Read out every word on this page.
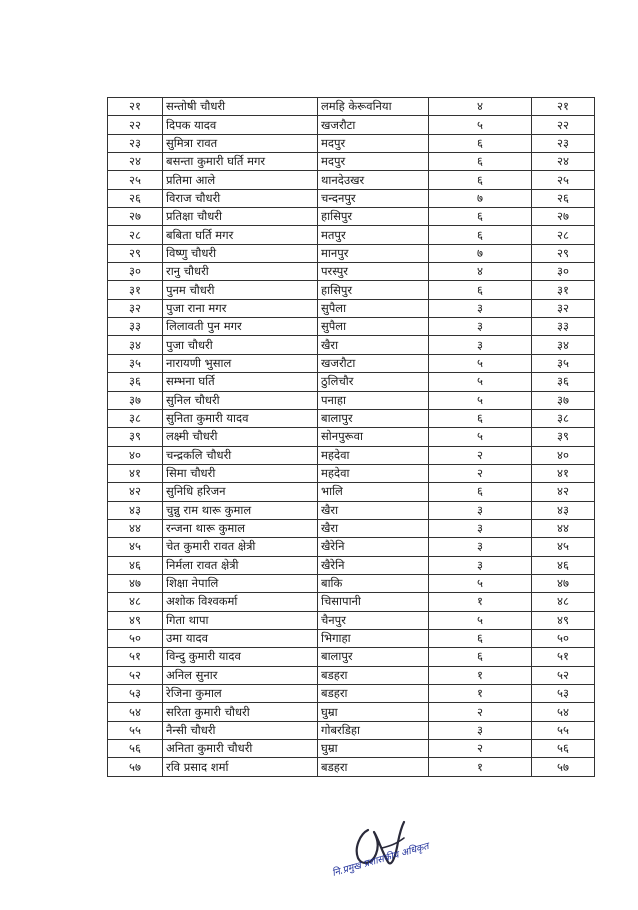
२१	सन्तोषी चौधरी	लमहि केरूवनिया	४	२१
२२	दिपक यादव	खजरौटा	५	२२
२३	सुमित्रा रावत	मदपुर	६	२३
२४	बसन्ता कुमारी घर्ति मगर	मदपुर	६	२४
२५	प्रतिमा आले	थानदेउखर	६	२५
२६	विराज चौधरी	चन्दनपुर	७	२६
२७	प्रतिक्षा चौधरी	हासिपुर	६	२७
२८	बबिता घर्ति मगर	मतपुर	६	२८
२९	विष्णु चौधरी	मानपुर	७	२९
३०	रानु चौधरी	परस्पुर	४	३०
३१	पुनम चौधरी	हासिपुर	६	३१
३२	पुजा राना मगर	सुपैला	३	३२
३३	लिलावती पुन मगर	सुपैला	३	३३
३४	पुजा चौधरी	खैरा	३	३४
३५	नारायणी भुसाल	खजरौटा	५	३५
३६	सम्भना घर्ति	ठुलिचौर	५	३६
३७	सुनिल चौधरी	पनाहा	५	३७
३८	सुनिता कुमारी यादव	बालापुर	६	३८
३९	लक्ष्मी चौधरी	सोनपुरूवा	५	३९
४०	चन्द्रकलि चौधरी	महदेवा	२	४०
४१	सिमा चौधरी	महदेवा	२	४१
४२	सुनिधि हरिजन	भालि	६	४२
४३	चुन्नु राम थारू कुमाल	खैरा	३	४३
४४	रन्जना थारू कुमाल	खैरा	३	४४
४५	चेत कुमारी रावत क्षेत्री	खैरेनि	३	४५
४६	निर्मला रावत क्षेत्री	खैरेनि	३	४६
४७	शिक्षा नेपालि	बाकि	५	४७
४८	अशोक विश्वकर्मा	चिसापानी	१	४८
४९	गिता थापा	चैनपुर	५	४९
५०	उमा यादव	भिगाहा	६	५०
५१	विन्दु कुमारी यादव	बालापुर	६	५१
५२	अनिल सुनार	बडहरा	१	५२
५३	रेजिना कुमाल	बडहरा	१	५३
५४	सरिता कुमारी चौधरी	घुम्रा	२	५४
५५	नैन्सी चौधरी	गोबरडिहा	३	५५
५६	अनिता कुमारी चौधरी	घुम्रा	२	५६
५७	रवि प्रसाद शर्मा	बडहरा	१	५७
नि.प्रमुख प्रशासकीय अधिकृत
